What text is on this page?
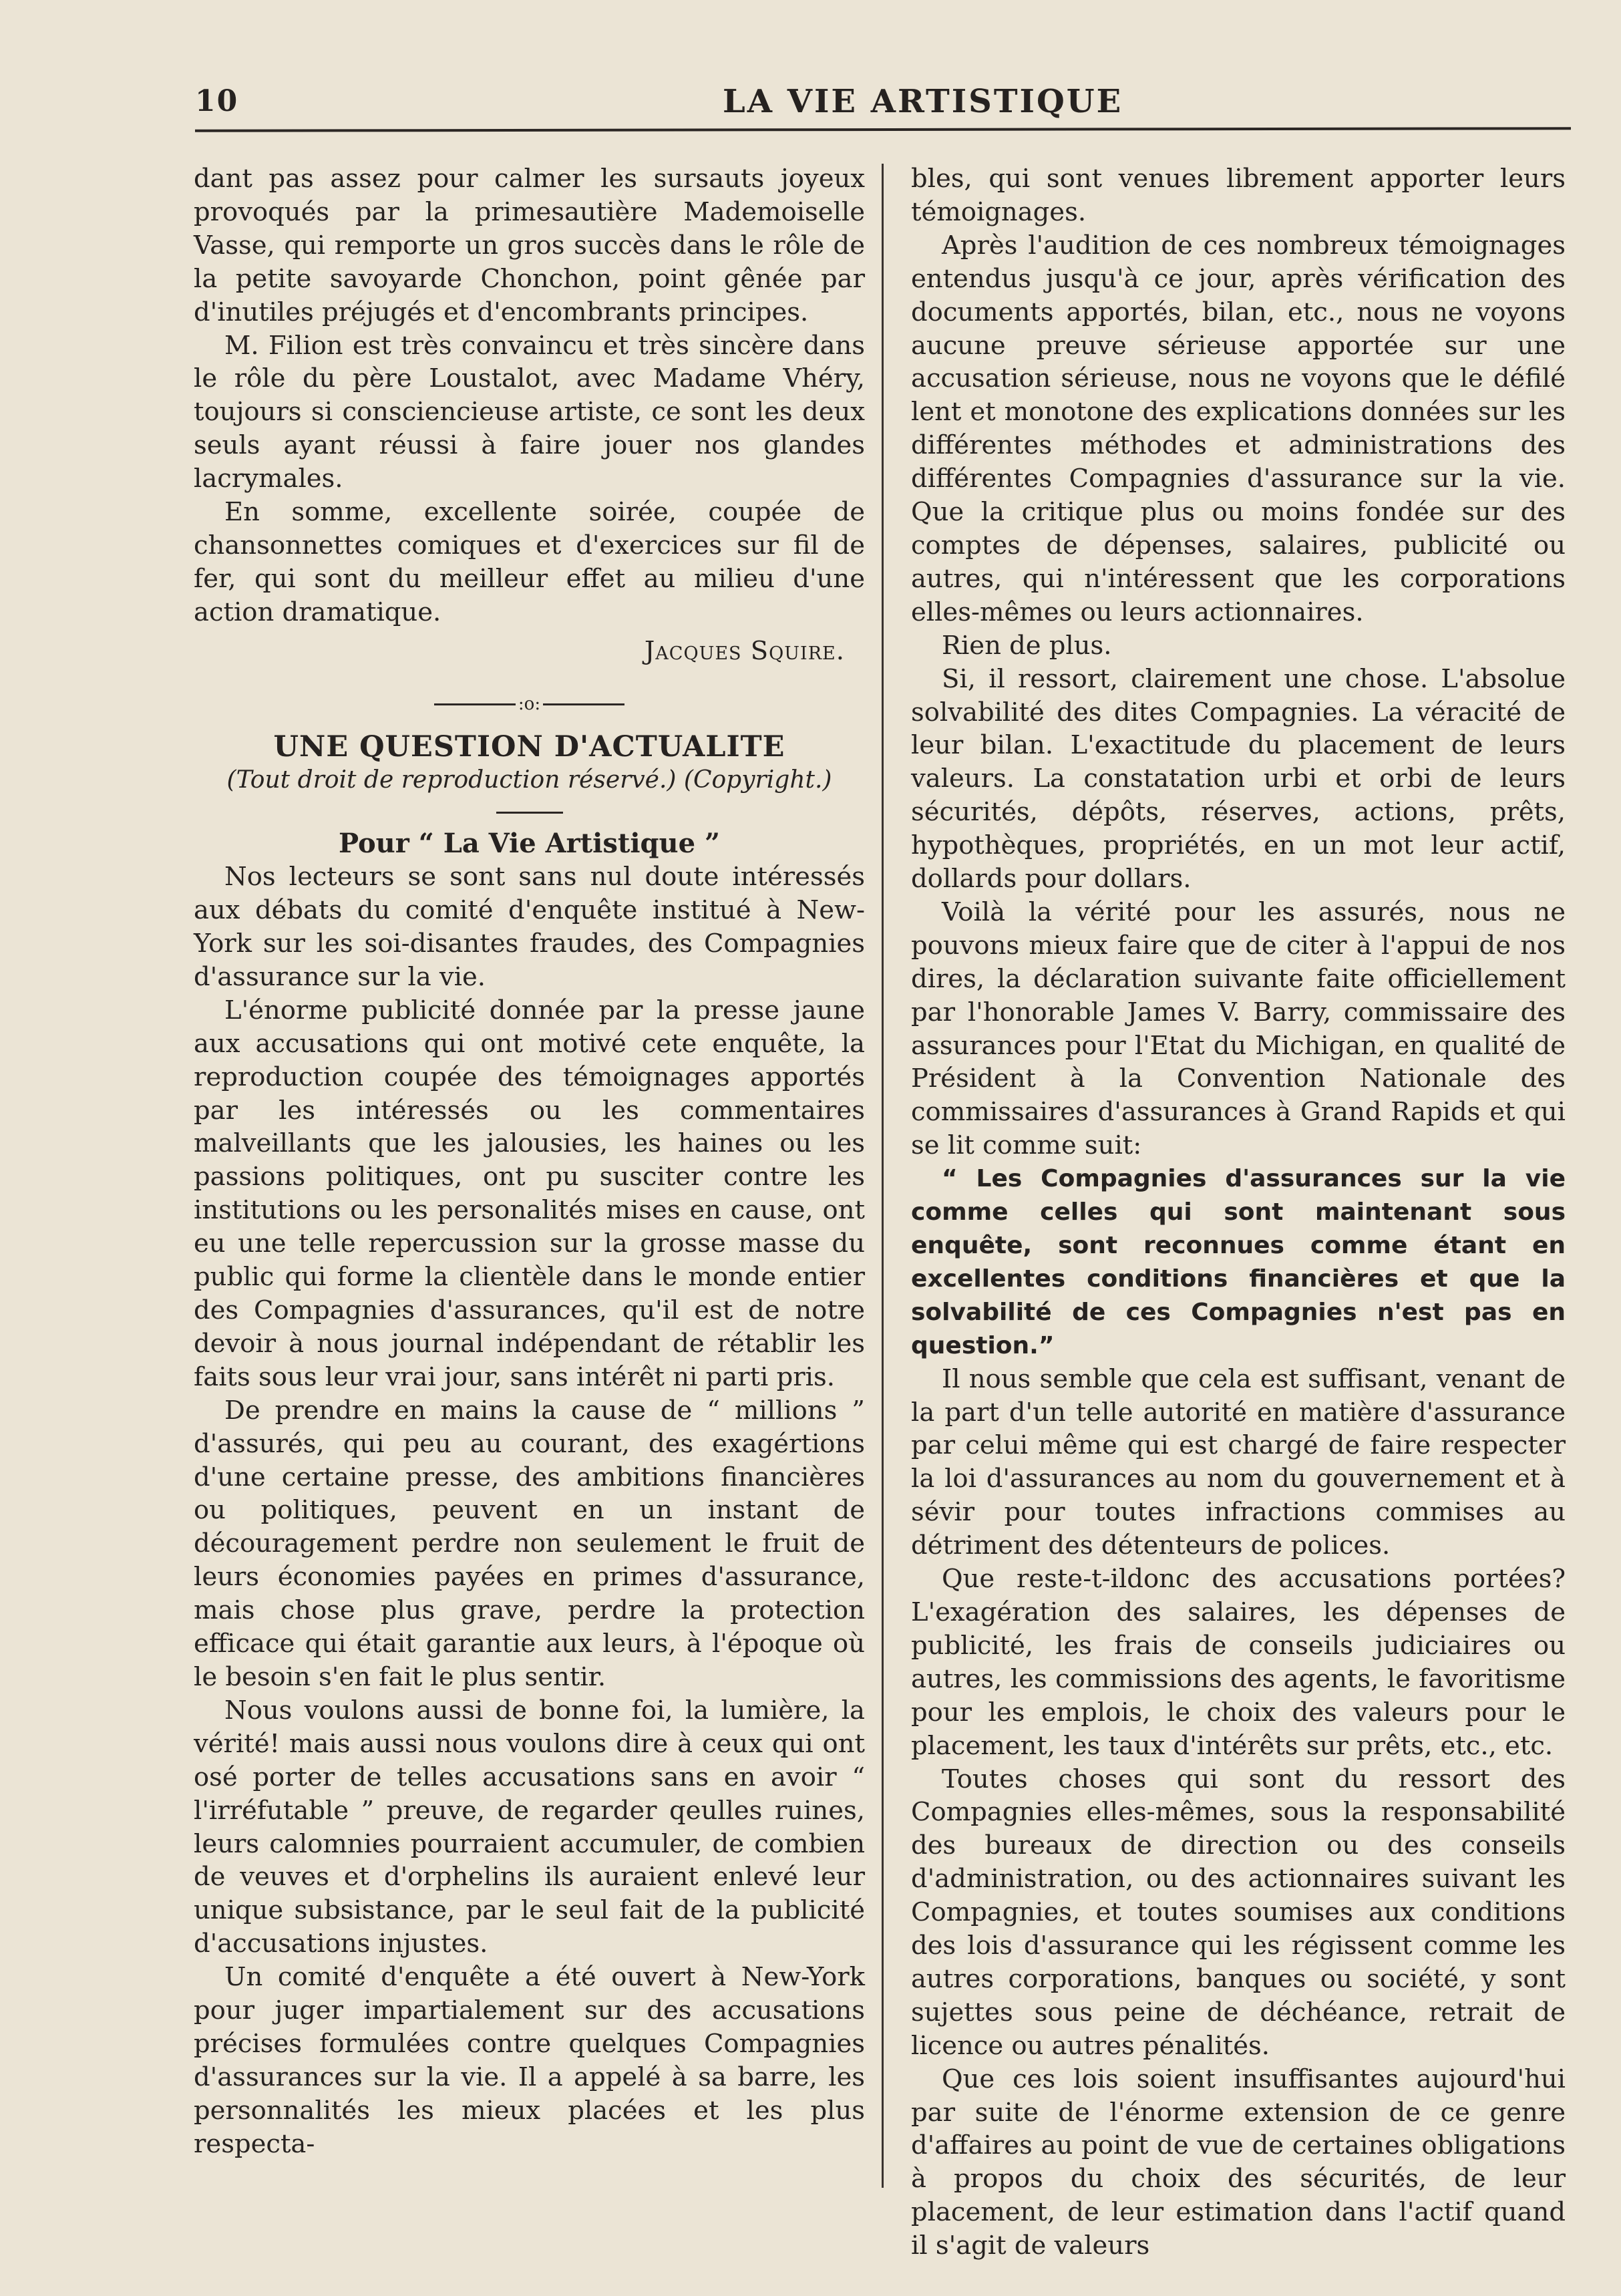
10	LA VIE ARTISTIQUE

dant pas assez pour calmer les sursauts joyeux provoqués par la primesautière Mademoiselle Vasse, qui remporte un gros succès dans le rôle de la petite savoyarde Chonchon, point gênée par d'inutiles préjugés et d'encombrants principes.

M. Filion est très convaincu et très sincère dans le rôle du père Loustalot, avec Madame Vhéry, toujours si consciencieuse artiste, ce sont les deux seuls ayant réussi à faire jouer nos glandes lacrymales.

En somme, excellente soirée, coupée de chansonnettes comiques et d'exercices sur fil de fer, qui sont du meilleur effet au milieu d'une action dramatique.

Jacques Squire.
:o:
UNE QUESTION D'ACTUALITE

(Tout droit de reproduction réservé.) (Copyright.)

Pour “ La Vie Artistique ”

Nos lecteurs se sont sans nul doute intéressés aux débats du comité d'enquête institué à New-York sur les soi-disantes fraudes, des Compagnies d'assurance sur la vie.

L'énorme publicité donnée par la presse jaune aux accusations qui ont motivé cete enquête, la reproduction coupée des témoignages apportés par les intéressés ou les commentaires malveillants que les jalousies, les haines ou les passions politiques, ont pu susciter contre les institutions ou les personalités mises en cause, ont eu une telle repercussion sur la grosse masse du public qui forme la clientèle dans le monde entier des Compagnies d'assurances, qu'il est de notre devoir à nous journal indépendant de rétablir les faits sous leur vrai jour, sans intérêt ni parti pris.

De prendre en mains la cause de “ millions ” d'assurés, qui peu au courant, des exagértions d'une certaine presse, des ambitions financières ou politiques, peuvent en un instant de découragement perdre non seulement le fruit de leurs économies payées en primes d'assurance, mais chose plus grave, perdre la protection efficace qui était garantie aux leurs, à l'époque où le besoin s'en fait le plus sentir.

Nous voulons aussi de bonne foi, la lumière, la vérité! mais aussi nous voulons dire à ceux qui ont osé porter de telles accusations sans en avoir “ l'irréfutable ” preuve, de regarder qeulles ruines, leurs calomnies pourraient accumuler, de combien de veuves et d'orphelins ils auraient enlevé leur unique subsistance, par le seul fait de la publicité d'accusations injustes.

Un comité d'enquête a été ouvert à New-York pour juger impartialement sur des accusations précises formulées contre quelques Compagnies d'assurances sur la vie. Il a appelé à sa barre, les personnalités les mieux placées et les plus respecta-

bles, qui sont venues librement apporter leurs témoignages.

Après l'audition de ces nombreux témoignages entendus jusqu'à ce jour, après vérification des documents apportés, bilan, etc., nous ne voyons aucune preuve sérieuse apportée sur une accusation sérieuse, nous ne voyons que le défilé lent et monotone des explications données sur les différentes méthodes et administrations des différentes Compagnies d'assurance sur la vie. Que la critique plus ou moins fondée sur des comptes de dépenses, salaires, publicité ou autres, qui n'intéressent que les corporations elles-mêmes ou leurs actionnaires.

Rien de plus.

Si, il ressort, clairement une chose. L'absolue solvabilité des dites Compagnies. La véracité de leur bilan. L'exactitude du placement de leurs valeurs. La constatation urbi et orbi de leurs sécurités, dépôts, réserves, actions, prêts, hypothèques, propriétés, en un mot leur actif, dollards pour dollars.

Voilà la vérité pour les assurés, nous ne pouvons mieux faire que de citer à l'appui de nos dires, la déclaration suivante faite officiellement par l'honorable James V. Barry, commissaire des assurances pour l'Etat du Michigan, en qualité de Président à la Convention Nationale des commissaires d'assurances à Grand Rapids et qui se lit comme suit:

“ Les Compagnies d'assurances sur la vie comme celles qui sont maintenant sous enquête, sont reconnues comme étant en excellentes conditions financières et que la solvabilité de ces Compagnies n'est pas en question.”

Il nous semble que cela est suffisant, venant de la part d'un telle autorité en matière d'assurance par celui même qui est chargé de faire respecter la loi d'assurances au nom du gouvernement et à sévir pour toutes infractions commises au détriment des détenteurs de polices.

Que reste-t-ildonc des accusations portées? L'exagération des salaires, les dépenses de publicité, les frais de conseils judiciaires ou autres, les commissions des agents, le favoritisme pour les emplois, le choix des valeurs pour le placement, les taux d'intérêts sur prêts, etc., etc.

Toutes choses qui sont du ressort des Compagnies elles-mêmes, sous la responsabilité des bureaux de direction ou des conseils d'administration, ou des actionnaires suivant les Compagnies, et toutes soumises aux conditions des lois d'assurance qui les régissent comme les autres corporations, banques ou société, y sont sujettes sous peine de déchéance, retrait de licence ou autres pénalités.

Que ces lois soient insuffisantes aujourd'hui par suite de l'énorme extension de ce genre d'affaires au point de vue de certaines obligations à propos du choix des sécurités, de leur placement, de leur estimation dans l'actif quand il s'agit de valeurs
